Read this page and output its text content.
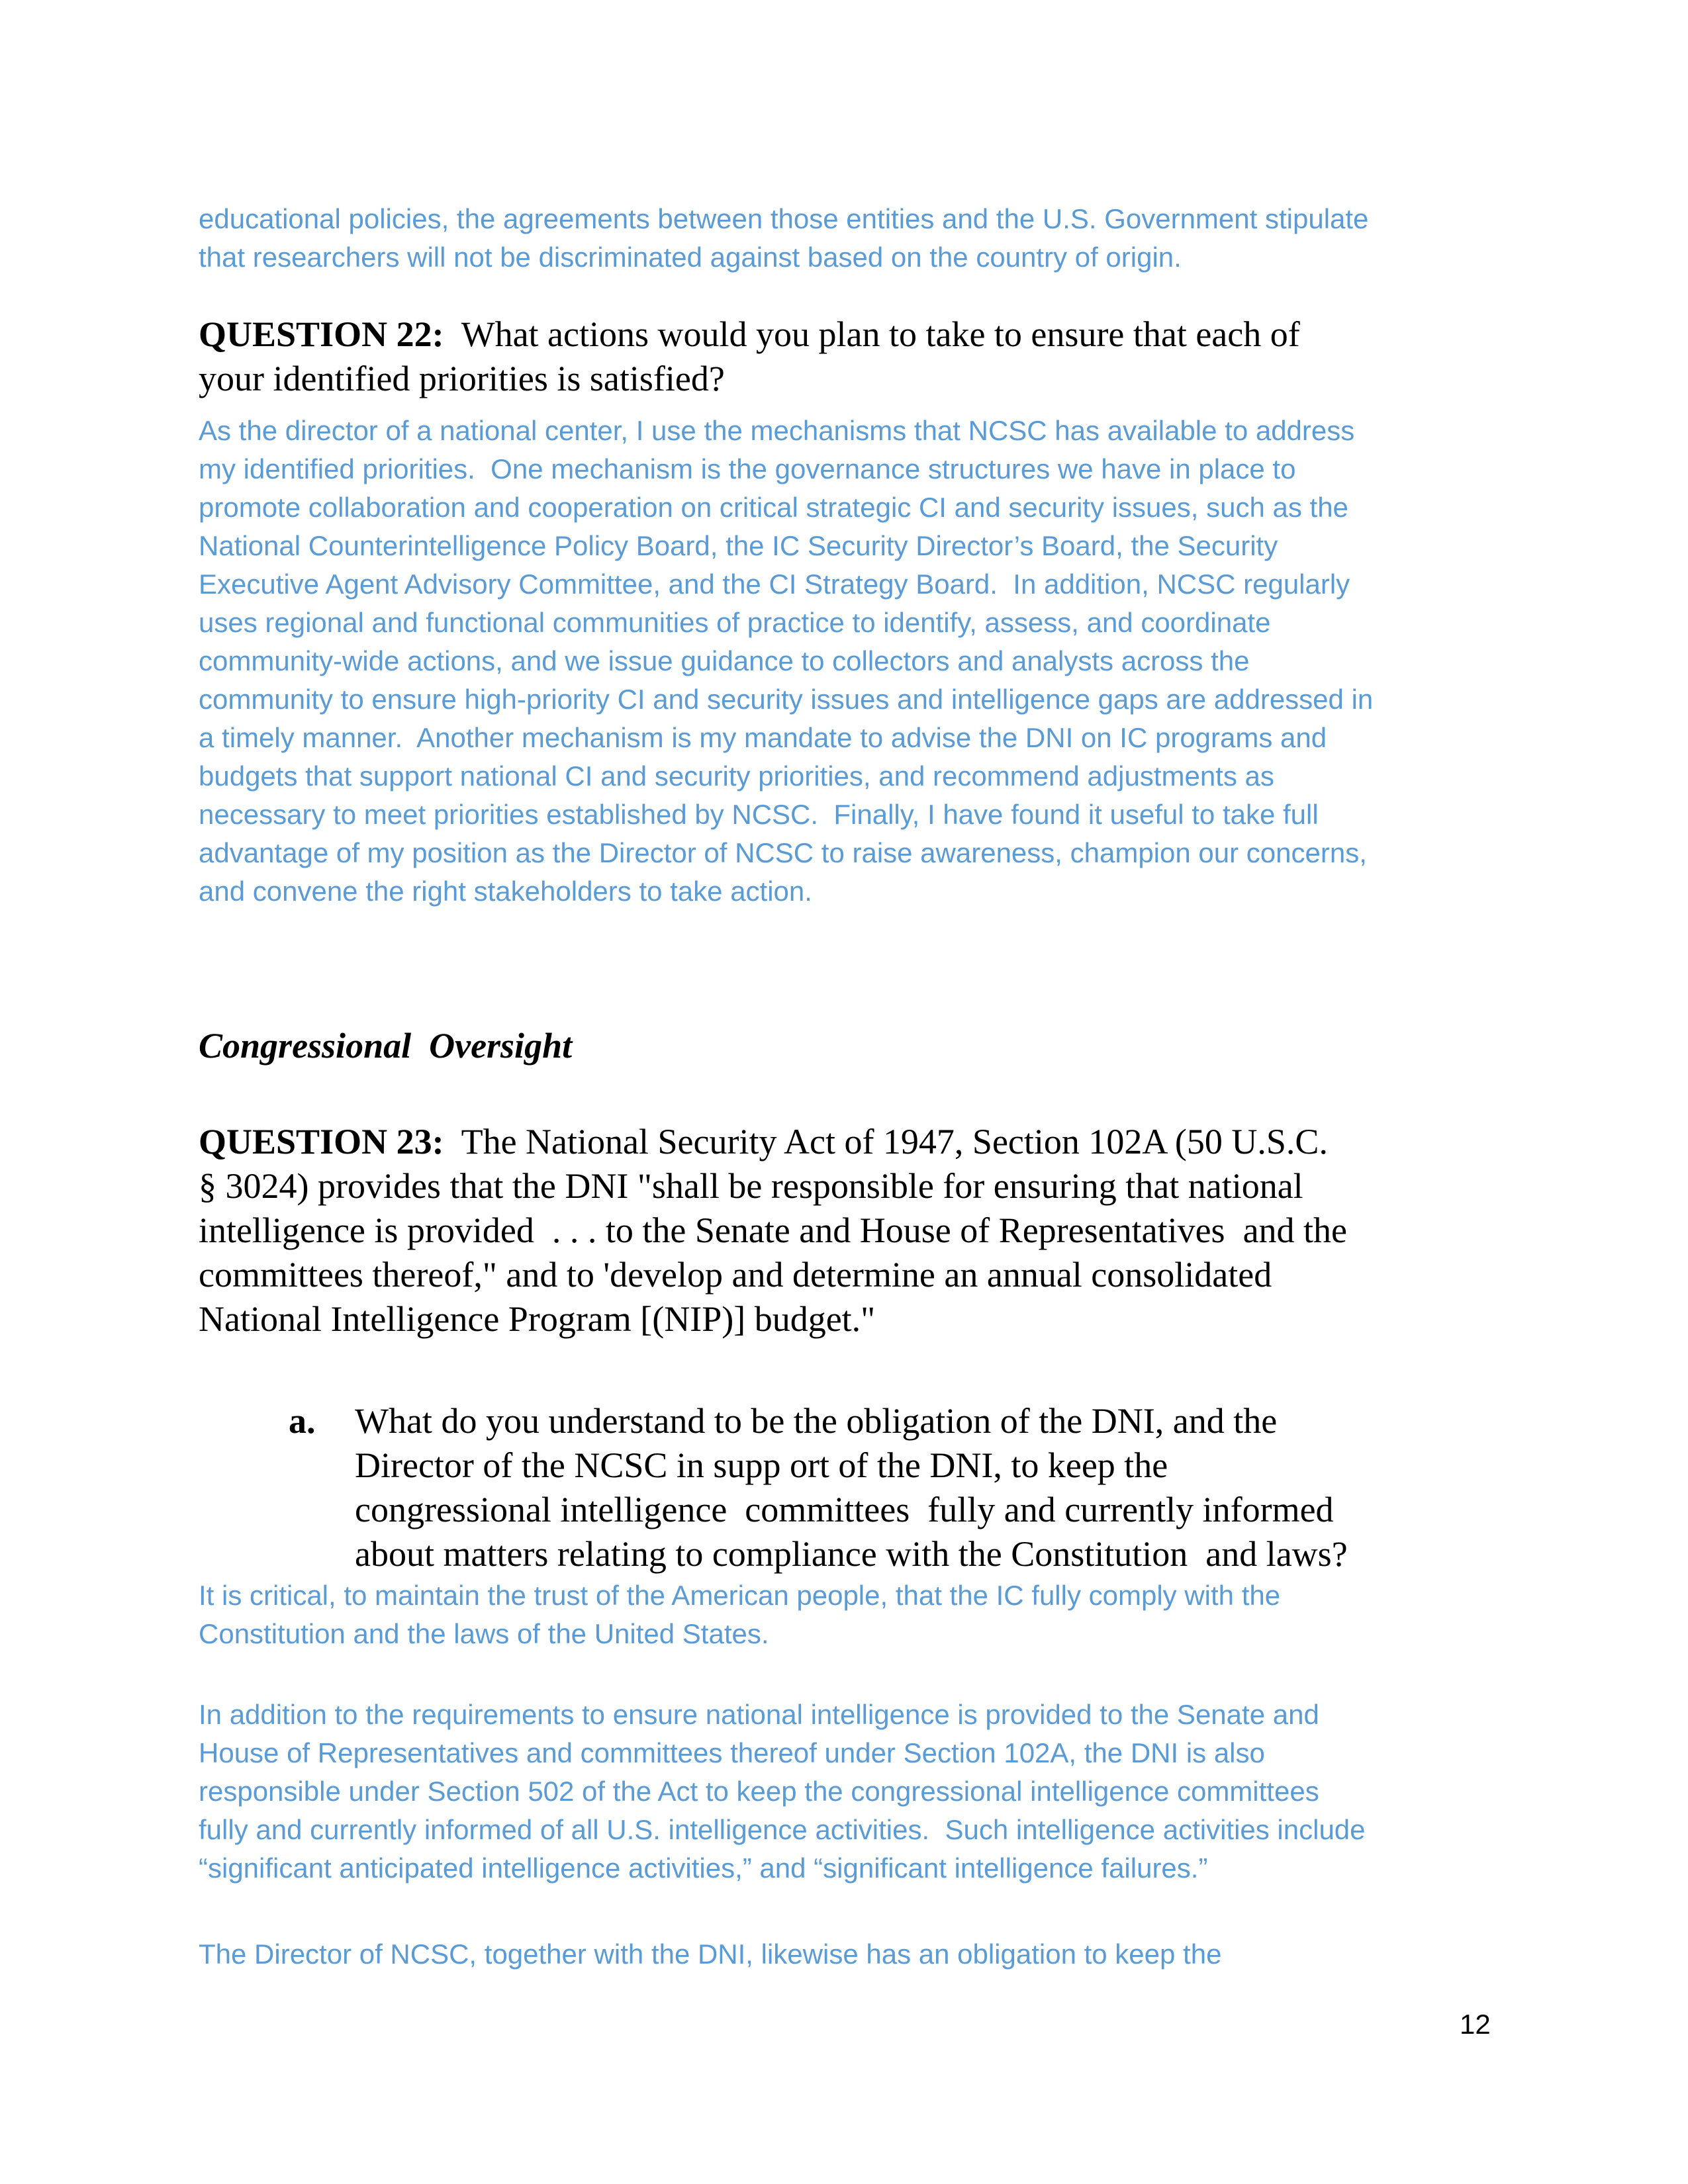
educational policies, the agreements between those entities and the U.S. Government stipulate
that researchers will not be discriminated against based on the country of origin.
QUESTION 22:  What actions would you plan to take to ensure that each of
your identified priorities is satisfied?
As the director of a national center, I use the mechanisms that NCSC has available to address
my identified priorities.  One mechanism is the governance structures we have in place to
promote collaboration and cooperation on critical strategic CI and security issues, such as the
National Counterintelligence Policy Board, the IC Security Director’s Board, the Security
Executive Agent Advisory Committee, and the CI Strategy Board.  In addition, NCSC regularly
uses regional and functional communities of practice to identify, assess, and coordinate
community-wide actions, and we issue guidance to collectors and analysts across the
community to ensure high-priority CI and security issues and intelligence gaps are addressed in
a timely manner.  Another mechanism is my mandate to advise the DNI on IC programs and
budgets that support national CI and security priorities, and recommend adjustments as
necessary to meet priorities established by NCSC.  Finally, I have found it useful to take full
advantage of my position as the Director of NCSC to raise awareness, champion our concerns,
and convene the right stakeholders to take action.
Congressional  Oversight
QUESTION 23:  The National Security Act of 1947, Section 102A (50 U.S.C.
§ 3024) provides that the DNI "shall be responsible for ensuring that national
intelligence is provided  . . . to the Senate and House of Representatives  and the
committees thereof," and to 'develop and determine an annual consolidated
National Intelligence Program [(NIP)] budget."
a. What do you understand to be the obligation of the DNI, and the
Director of the NCSC in supp ort of the DNI, to keep the
congressional intelligence  committees  fully and currently informed
about matters relating to compliance with the Constitution  and laws?
It is critical, to maintain the trust of the American people, that the IC fully comply with the
Constitution and the laws of the United States.
In addition to the requirements to ensure national intelligence is provided to the Senate and
House of Representatives and committees thereof under Section 102A, the DNI is also
responsible under Section 502 of the Act to keep the congressional intelligence committees
fully and currently informed of all U.S. intelligence activities.  Such intelligence activities include
“significant anticipated intelligence activities,” and “significant intelligence failures.”
The Director of NCSC, together with the DNI, likewise has an obligation to keep the
12
